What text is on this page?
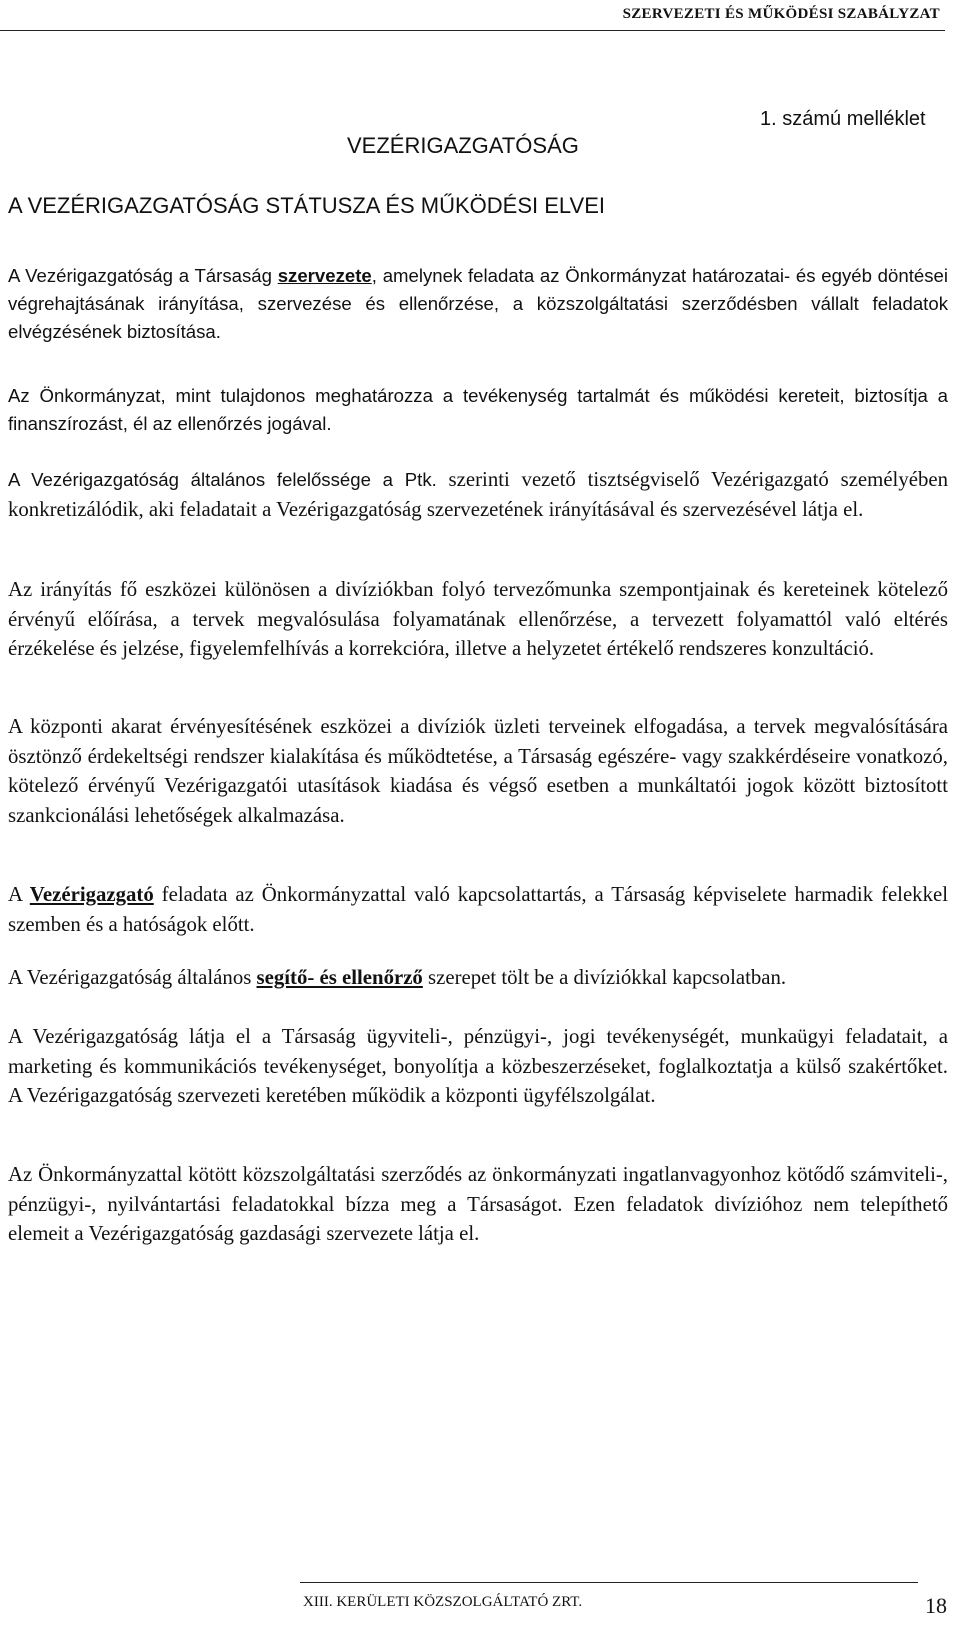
SZERVEZETI ÉS MŰKÖDÉSI SZABÁLYZAT
1. számú melléklet
VEZÉRIGAZGATÓSÁG
A VEZÉRIGAZGATÓSÁG STÁTUSZA ÉS MŰKÖDÉSI ELVEI

A Vezérigazgatóság a Társaság szervezete, amelynek feladata az Önkormányzat határozatai- és egyéb döntései végrehajtásának irányítása, szervezése és ellenőrzése, a közszolgáltatási szerződésben vállalt feladatok elvégzésének biztosítása.

Az Önkormányzat, mint tulajdonos meghatározza a tevékenység tartalmát és működési kereteit, biztosítja a finanszírozást, él az ellenőrzés jogával.

A Vezérigazgatóság általános felelőssége a Ptk. szerinti vezető tisztségviselő Vezérigazgató személyében konkretizálódik, aki feladatait a Vezérigazgatóság szervezetének irányításával és szervezésével látja el.

Az irányítás fő eszközei különösen a divíziókban folyó tervezőmunka szempontjainak és kereteinek kötelező érvényű előírása, a tervek megvalósulása folyamatának ellenőrzése, a tervezett folyamattól való eltérés érzékelése és jelzése, figyelemfelhívás a korrekcióra, illetve a helyzetet értékelő rendszeres konzultáció.

A központi akarat érvényesítésének eszközei a divíziók üzleti terveinek elfogadása, a tervek megvalósítására ösztönző érdekeltségi rendszer kialakítása és működtetése, a Társaság egészére- vagy szakkérdéseire vonatkozó, kötelező érvényű Vezérigazgatói utasítások kiadása és végső esetben a munkáltatói jogok között biztosított szankcionálási lehetőségek alkalmazása.

A Vezérigazgató feladata az Önkormányzattal való kapcsolattartás, a Társaság képviselete harmadik felekkel szemben és a hatóságok előtt.

A Vezérigazgatóság általános segítő- és ellenőrző szerepet tölt be a divíziókkal kapcsolatban.

A Vezérigazgatóság látja el a Társaság ügyviteli-, pénzügyi-, jogi tevékenységét, munkaügyi feladatait, a marketing és kommunikációs tevékenységet, bonyolítja a közbeszerzéseket, foglalkoztatja a külső szakértőket. A Vezérigazgatóság szervezeti keretében működik a központi ügyfélszolgálat.

Az Önkormányzattal kötött közszolgáltatási szerződés az önkormányzati ingatlanvagyonhoz kötődő számviteli-, pénzügyi-, nyilvántartási feladatokkal bízza meg a Társaságot. Ezen feladatok divízióhoz nem telepíthető elemeit a Vezérigazgatóság gazdasági szervezete látja el.

XIII. KERÜLETI KÖZSZOLGÁLTATÓ ZRT.	18
